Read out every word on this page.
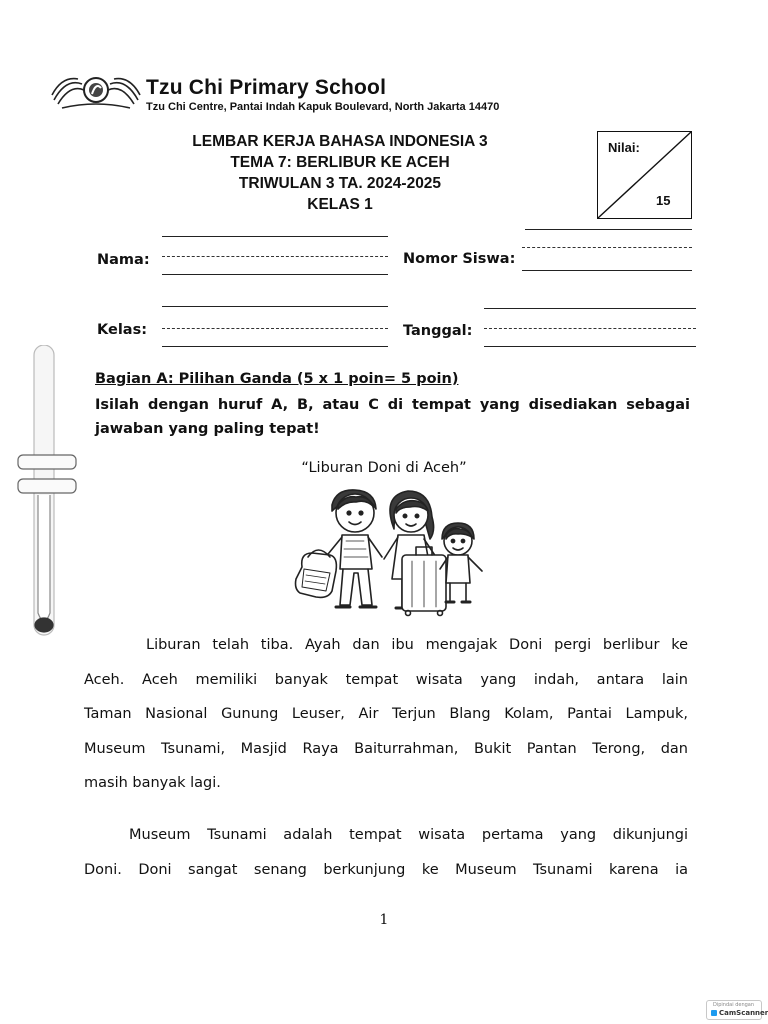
Tzu Chi Primary School
Tzu Chi Centre, Pantai Indah Kapuk Boulevard, North Jakarta 14470
LEMBAR KERJA BAHASA INDONESIA 3
TEMA 7: BERLIBUR KE ACEH
TRIWULAN 3 TA. 2024-2025
KELAS 1
Nilai:
15
Nama:	Nomor Siswa:
Kelas:	Tanggal:
Bagian A: Pilihan Ganda (5 x 1 poin= 5 poin)
Isilah dengan huruf A, B, atau C di tempat yang disediakan sebagai jawaban yang paling tepat!
“Liburan Doni di Aceh”
Liburan telah tiba. Ayah dan ibu mengajak Doni pergi berlibur ke
Aceh. Aceh memiliki banyak tempat wisata yang indah, antara lain
Taman Nasional Gunung Leuser, Air Terjun Blang Kolam, Pantai Lampuk,
Museum Tsunami, Masjid Raya Baiturrahman, Bukit Pantan Terong, dan
masih banyak lagi.
Museum Tsunami adalah tempat wisata pertama yang dikunjungi
Doni. Doni sangat senang berkunjung ke Museum Tsunami karena ia
1
Dipindai dengan
CamScanner
